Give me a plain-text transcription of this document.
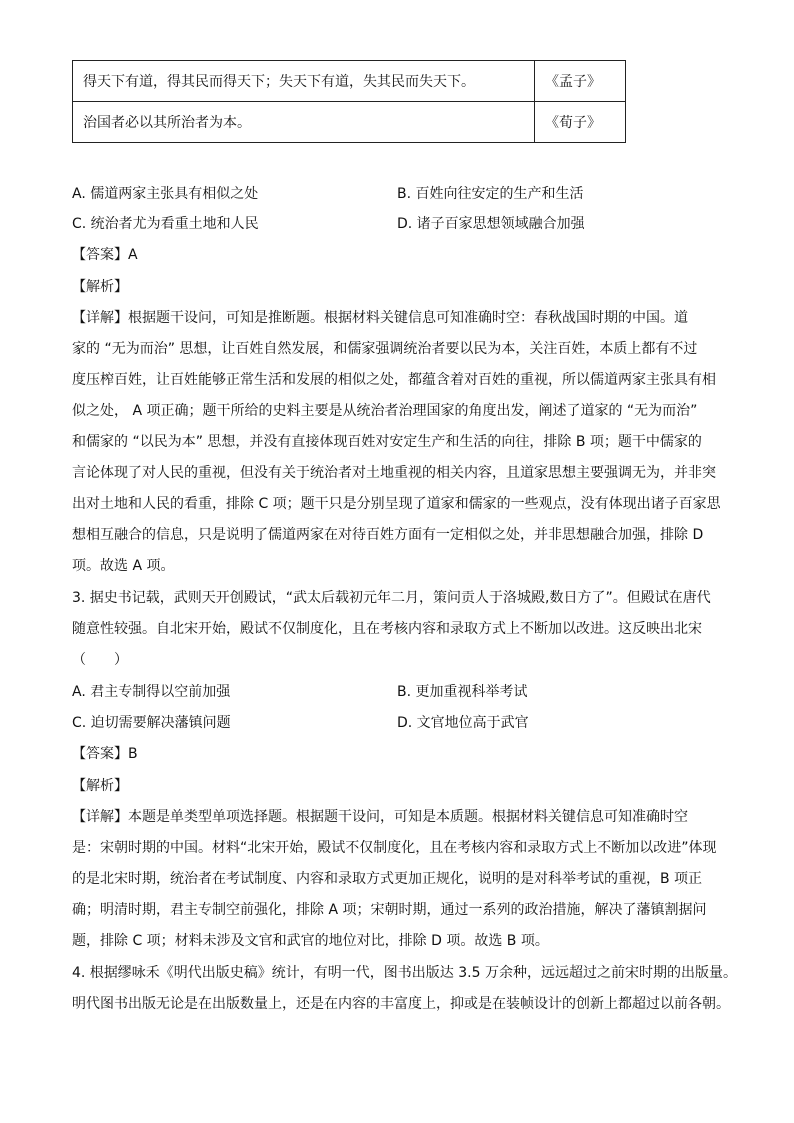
得天下有道，得其民而得天下；失天下有道，失其民而失天下。	《孟子》
治国者必以其所治者为本。	《荀子》
A. 儒道两家主张具有相似之处	B. 百姓向往安定的生产和生活
C. 统治者尤为看重土地和人民	D. 诸子百家思想领域融合加强
【答案】A
【解析】
【详解】根据题干设问，可知是推断题。根据材料关键信息可知准确时空：春秋战国时期的中国。道
家的 “无为而治” 思想，让百姓自然发展，和儒家强调统治者要以民为本，关注百姓，本质上都有不过
度压榨百姓，让百姓能够正常生活和发展的相似之处，都蕴含着对百姓的重视，所以儒道两家主张具有相
似之处， A 项正确；题干所给的史料主要是从统治者治理国家的角度出发，阐述了道家的 “无为而治”
和儒家的 “以民为本” 思想，并没有直接体现百姓对安定生产和生活的向往，排除 B 项；题干中儒家的
言论体现了对人民的重视，但没有关于统治者对土地重视的相关内容，且道家思想主要强调无为，并非突
出对土地和人民的看重，排除 C 项；题干只是分别呈现了道家和儒家的一些观点，没有体现出诸子百家思
想相互融合的信息，只是说明了儒道两家在对待百姓方面有一定相似之处，并非思想融合加强，排除 D
项。故选 A 项。
3. 据史书记载，武则天开创殿试，“武太后载初元年二月，策问贡人于洛城殿,数日方了”。但殿试在唐代
随意性较强。自北宋开始，殿试不仅制度化，且在考核内容和录取方式上不断加以改进。这反映出北宋
（　　）
A. 君主专制得以空前加强	B. 更加重视科举考试
C. 迫切需要解决藩镇问题	D. 文官地位高于武官
【答案】B
【解析】
【详解】本题是单类型单项选择题。根据题干设问，可知是本质题。根据材料关键信息可知准确时空
是：宋朝时期的中国。材料“北宋开始，殿试不仅制度化，且在考核内容和录取方式上不断加以改进”体现
的是北宋时期，统治者在考试制度、内容和录取方式更加正规化，说明的是对科举考试的重视，B 项正
确；明清时期，君主专制空前强化，排除 A 项；宋朝时期，通过一系列的政治措施，解决了藩镇割据问
题，排除 C 项；材料未涉及文官和武官的地位对比，排除 D 项。故选 B 项。
4. 根据缪咏禾《明代出版史稿》统计，有明一代，图书出版达 3.5 万余种，远远超过之前宋时期的出版量。
明代图书出版无论是在出版数量上，还是在内容的丰富度上，抑或是在装帧设计的创新上都超过以前各朝。
